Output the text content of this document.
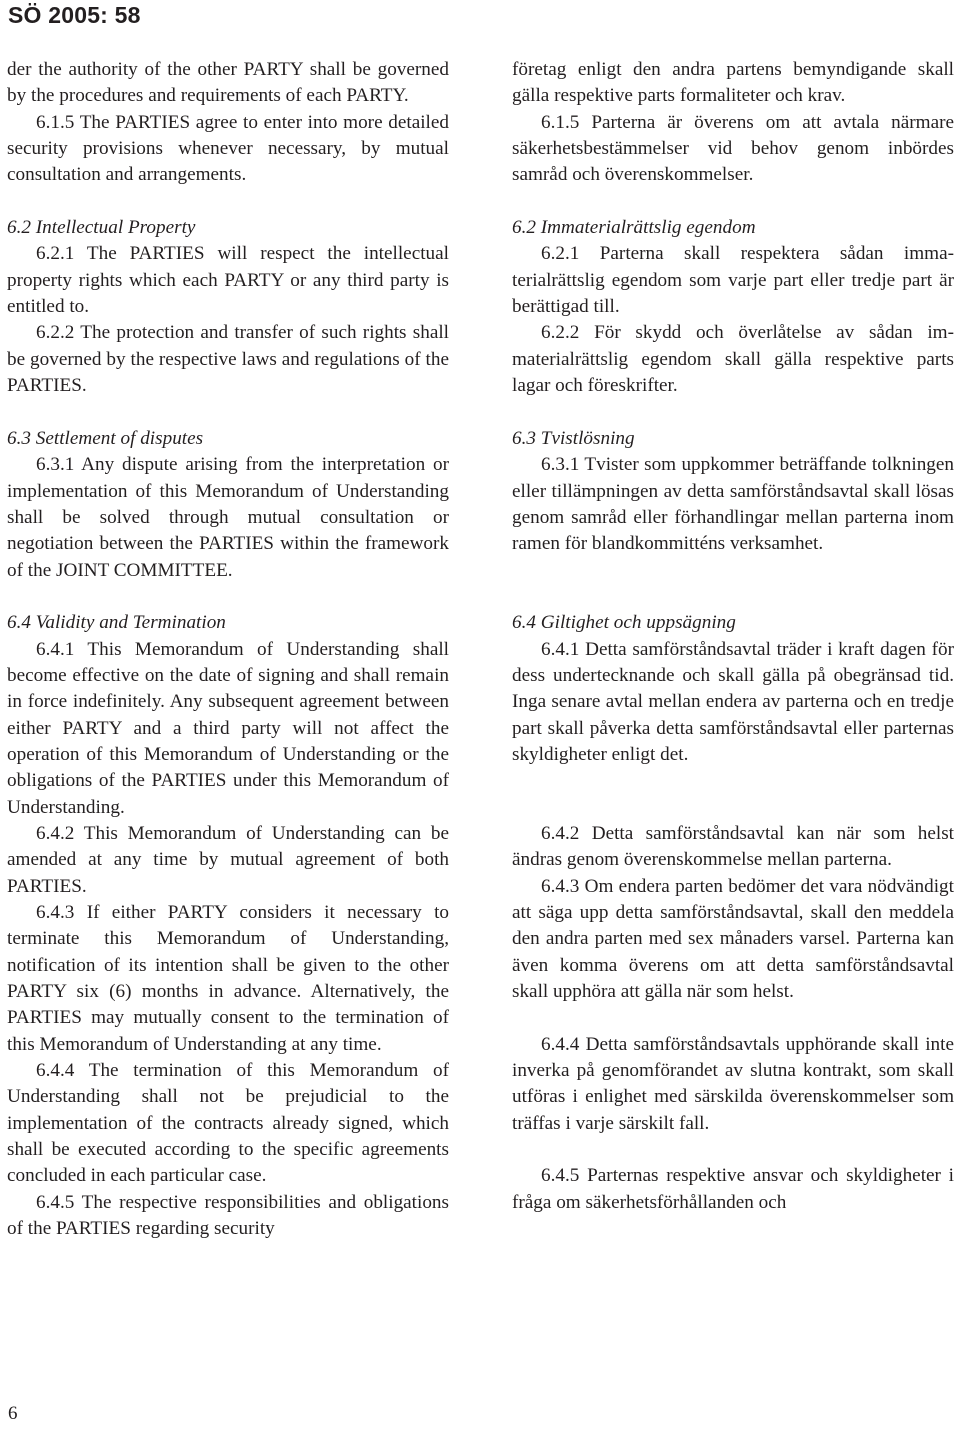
SÖ 2005: 58

der the authority of the other PARTY shall be governed by the procedures and requirements of each PARTY.

6.1.5 The PARTIES agree to enter into more detailed security provisions whenever necessary, by mutual consultation and arrangements.

6.2 Intellectual Property

6.2.1 The PARTIES will respect the intellectual property rights which each PARTY or any third party is entitled to.

6.2.2 The protection and transfer of such rights shall be governed by the respective laws and regulations of the PARTIES.

6.3 Settlement of disputes

6.3.1 Any dispute arising from the interpretation or implementation of this Memorandum of Understanding shall be solved through mutual consultation or negotiation between the PARTIES within the framework of the JOINT COMMITTEE.

6.4 Validity and Termination

6.4.1 This Memorandum of Understanding shall become effective on the date of signing and shall remain in force indefinitely. Any subsequent agreement between either PARTY and a third party will not affect the operation of this Memorandum of Understanding or the obligations of the PARTIES under this Memorandum of Understanding.

6.4.2 This Memorandum of Understanding can be amended at any time by mutual agreement of both PARTIES.

6.4.3 If either PARTY considers it necessary to terminate this Memorandum of Understanding, notification of its intention shall be given to the other PARTY six (6) months in advance. Alternatively, the PARTIES may mutually consent to the termination of this Memorandum of Understanding at any time.

6.4.4 The termination of this Memorandum of Understanding shall not be prejudicial to the implementation of the contracts already signed, which shall be executed according to the specific agreements concluded in each particular case.

6.4.5 The respective responsibilities and obligations of the PARTIES regarding security

företag enligt den andra partens bemyndigande skall gälla respektive parts formaliteter och krav.

6.1.5 Parterna är överens om att avtala närmare säkerhetsbestämmelser vid behov genom inbördes samråd och överenskommelser.

6.2 Immaterialrättslig egendom

6.2.1 Parterna skall respektera sådan immaterialrättslig egendom som varje part eller tredje part är berättigad till.

6.2.2 För skydd och överlåtelse av sådan immaterialrättslig egendom skall gälla respektive parts lagar och föreskrifter.

6.3 Tvistlösning

6.3.1 Tvister som uppkommer beträffande tolkningen eller tillämpningen av detta samförståndsavtal skall lösas genom samråd eller förhandlingar mellan parterna inom ramen för blandkommitténs verksamhet.

6.4 Giltighet och uppsägning

6.4.1 Detta samförståndsavtal träder i kraft dagen för dess undertecknande och skall gälla på obegränsad tid. Inga senare avtal mellan endera av parterna och en tredje part skall påverka detta samförståndsavtal eller parternas skyldigheter enligt det.

6.4.2 Detta samförståndsavtal kan när som helst ändras genom överenskommelse mellan parterna.

6.4.3 Om endera parten bedömer det vara nödvändigt att säga upp detta samförståndsavtal, skall den meddela den andra parten med sex månaders varsel. Parterna kan även komma överens om att detta samförståndsavtal skall upphöra att gälla när som helst.

6.4.4 Detta samförståndsavtals upphörande skall inte inverka på genomförandet av slutna kontrakt, som skall utföras i enlighet med särskilda överenskommelser som träffas i varje särskilt fall.

6.4.5 Parternas respektive ansvar och skyldigheter i fråga om säkerhetsförhållanden och

6
